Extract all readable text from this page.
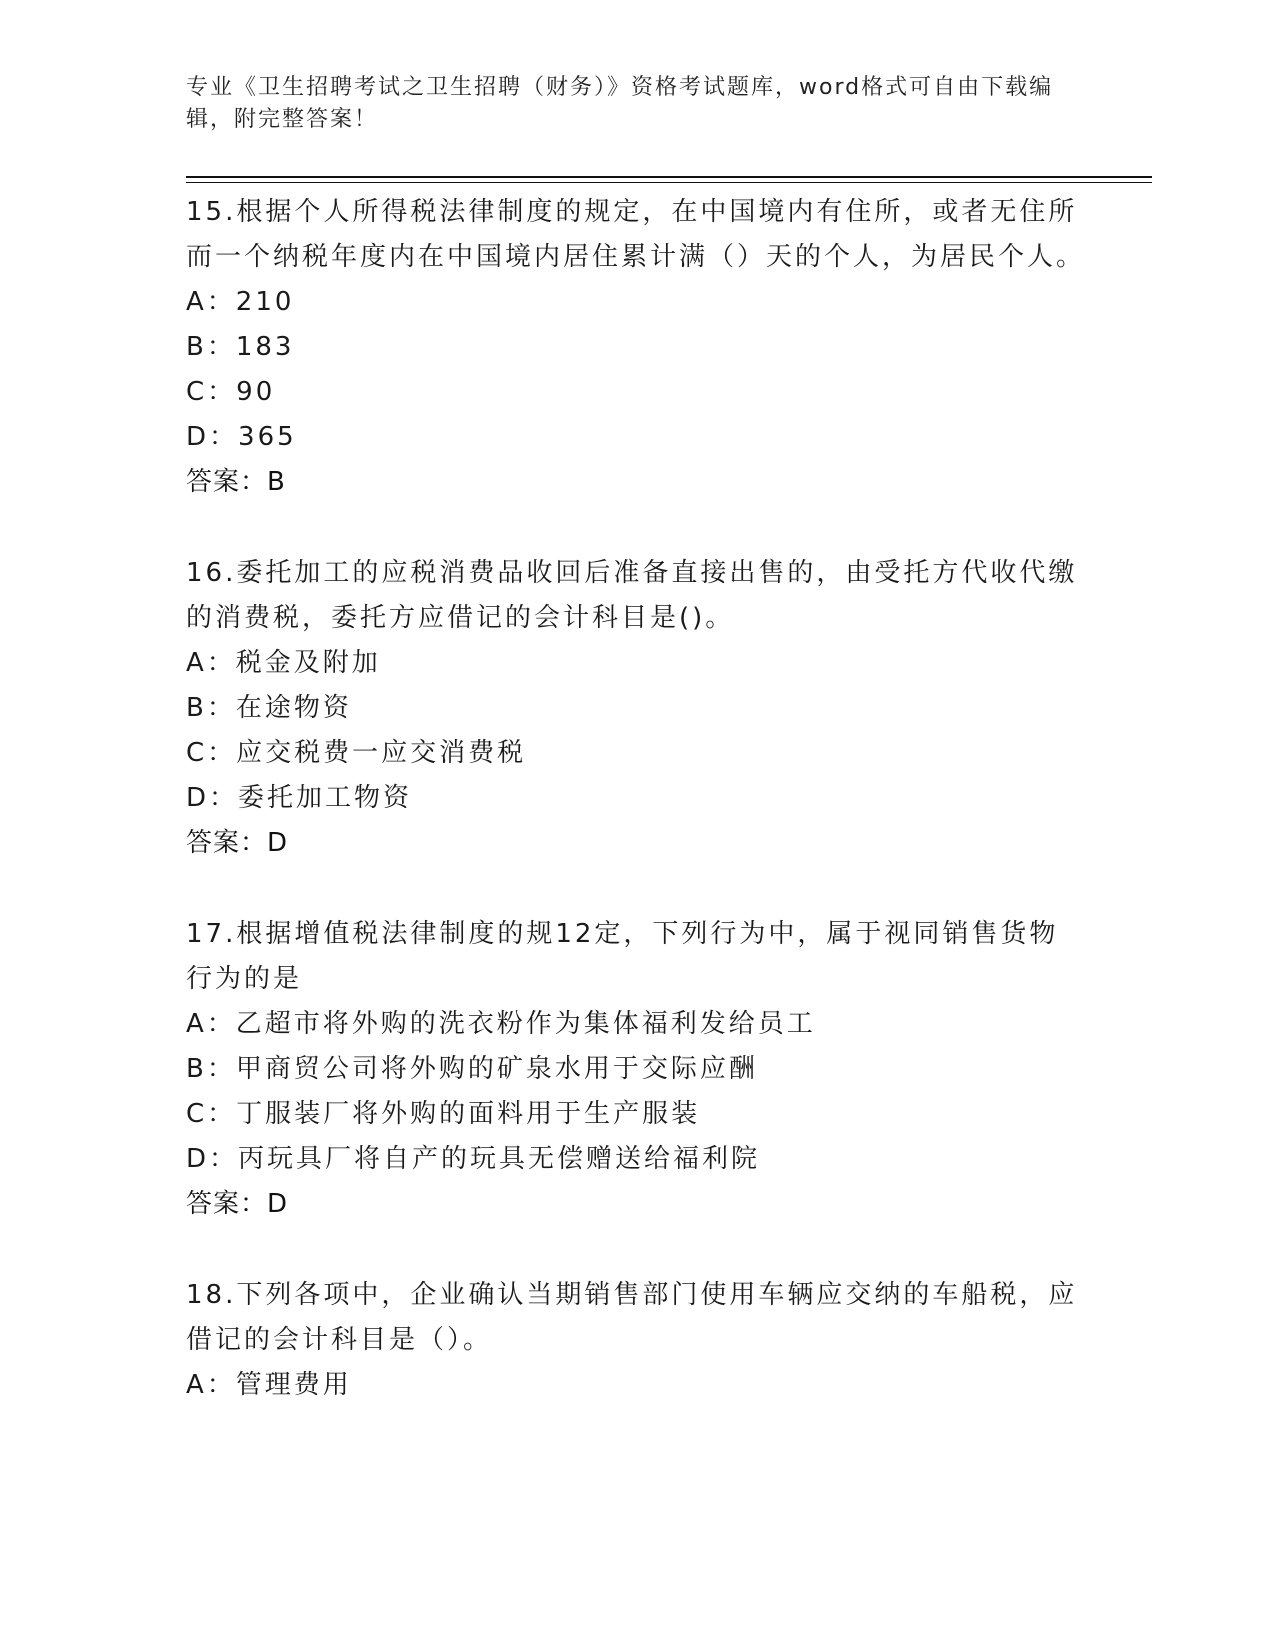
专业《卫生招聘考试之卫生招聘（财务）》资格考试题库，word格式可自由下载编辑，附完整答案！
15.根据个人所得税法律制度的规定，在中国境内有住所，或者无住所而一个纳税年度内在中国境内居住累计满（）天的个人，为居民个人。
A：210
B：183
C：90
D：365
答案：B
16.委托加工的应税消费品收回后准备直接出售的，由受托方代收代缴的消费税，委托方应借记的会计科目是()。
A：税金及附加
B：在途物资
C：应交税费一应交消费税
D：委托加工物资
答案：D
17.根据增值税法律制度的规12定，下列行为中，属于视同销售货物行为的是
A：乙超市将外购的洗衣粉作为集体福利发给员工
B：甲商贸公司将外购的矿泉水用于交际应酬
C：丁服装厂将外购的面料用于生产服装
D：丙玩具厂将自产的玩具无偿赠送给福利院
答案：D
18.下列各项中，企业确认当期销售部门使用车辆应交纳的车船税，应借记的会计科目是（）。
A：管理费用
